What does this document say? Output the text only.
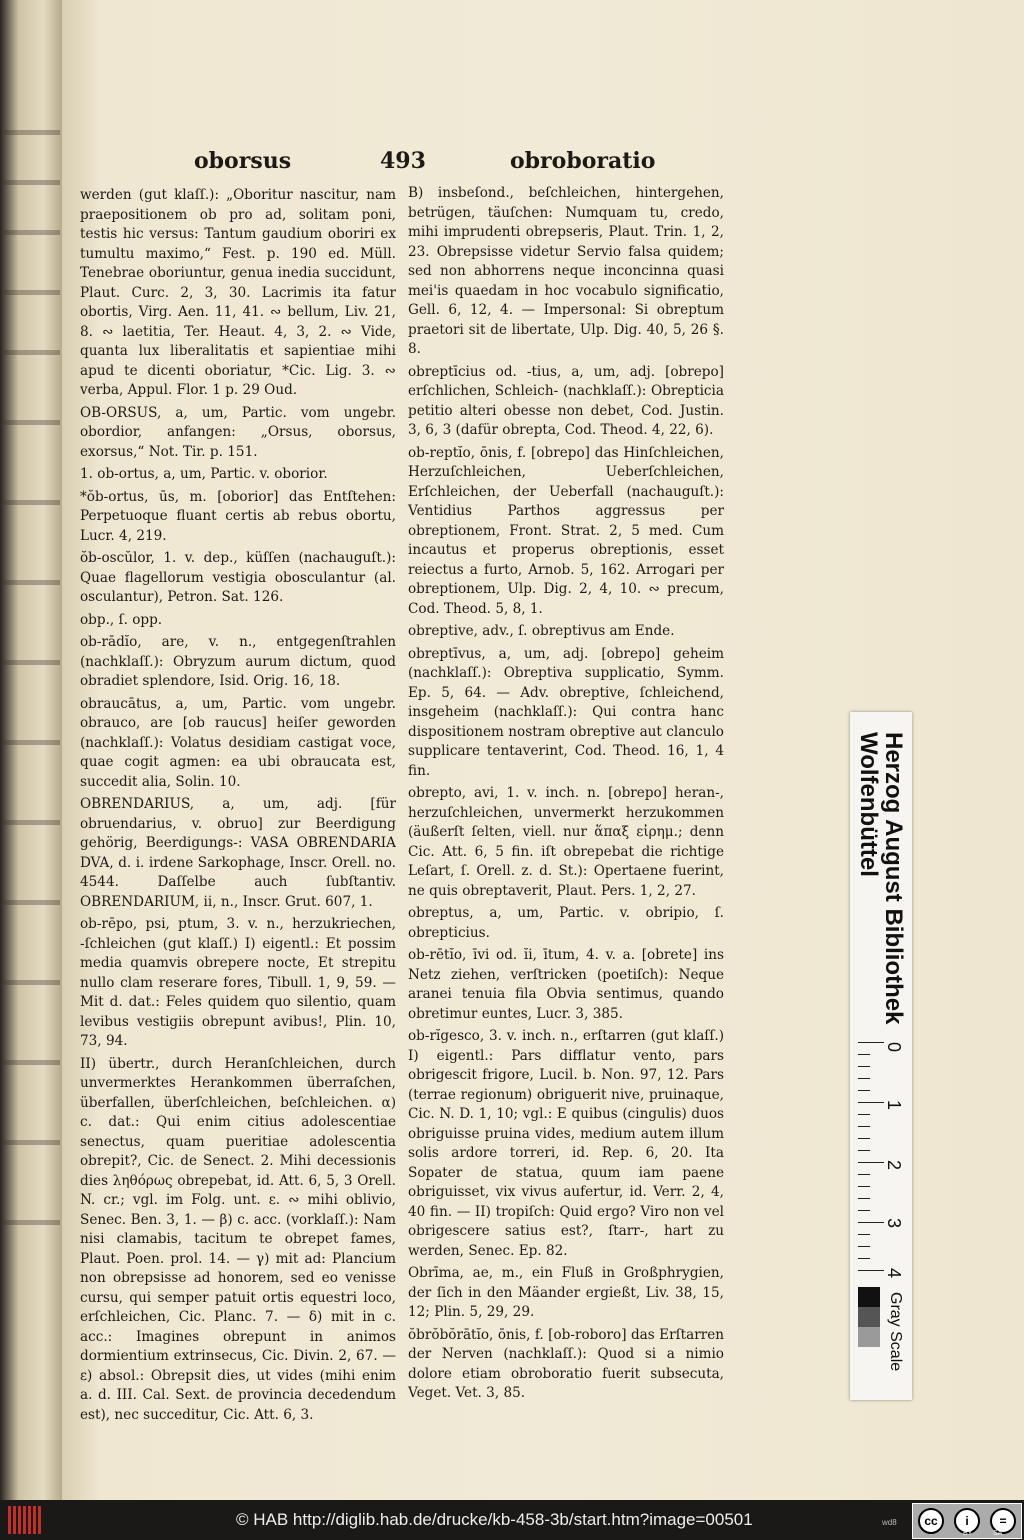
oborsus	493	obroboratio

werden (gut klaſſ.): „Oboritur nascitur, nam praepositionem ob pro ad, solitam poni, testis hic versus: Tantum gaudium oboriri ex tumultu maximo,“ Fest. p. 190 ed. Müll. Tenebrae oboriuntur, genua inedia succidunt, Plaut. Curc. 2, 3, 30. Lacrimis ita fatur obortis, Virg. Aen. 11, 41. ∾ bellum, Liv. 21, 8. ∾ laetitia, Ter. Heaut. 4, 3, 2. ∾ Vide, quanta lux liberalitatis et sapientiae mihi apud te dicenti oboriatur, *Cic. Lig. 3. ∾ verba, Appul. Flor. 1 p. 29 Oud.

OB-ORSUS, a, um, Partic. vom ungebr. obordior, anfangen: „Orsus, oborsus, exorsus,“ Not. Tir. p. 151.

1. ob-ortus, a, um, Partic. v. oborior.

*ŏb-ortus, ūs, m. [oborior] das Entſtehen: Perpetuoque fluant certis ab rebus obortu, Lucr. 4, 219.

ŏb-oscŭlor, 1. v. dep., küſſen (nachauguſt.): Quae flagellorum vestigia obosculantur (al. osculantur), Petron. Sat. 126.

obp., ſ. opp.

ob-rādĭo, are, v. n., entgegenſtrahlen (nachklaſſ.): Obryzum aurum dictum, quod obradiet splendore, Isid. Orig. 16, 18.

obraucātus, a, um, Partic. vom ungebr. obrauco, are [ob raucus] heiſer geworden (nachklaſſ.): Volatus desidiam castigat voce, quae cogit agmen: ea ubi obraucata est, succedit alia, Solin. 10.

OBRENDARIUS, a, um, adj. [für obruendarius, v. obruo] zur Beerdigung gehörig, Beerdigungs-: VASA OBRENDARIA DVA, d. i. irdene Sarkophage, Inscr. Orell. no. 4544. Daſſelbe auch ſubſtantiv. OBRENDARIUM, ii, n., Inscr. Grut. 607, 1.

ob-rēpo, psi, ptum, 3. v. n., herzukriechen, -ſchleichen (gut klaſſ.) I) eigentl.: Et possim media quamvis obrepere nocte, Et strepitu nullo clam reserare fores, Tibull. 1, 9, 59. — Mit d. dat.: Feles quidem quo silentio, quam levibus vestigiis obrepunt avibus!, Plin. 10, 73, 94.

II) übertr., durch Heranſchleichen, durch unvermerktes Herankommen überraſchen, überfallen, überſchleichen, beſchleichen. α) c. dat.: Qui enim citius adolescentiae senectus, quam pueritiae adolescentia obrepit?, Cic. de Senect. 2. Mihi decessionis dies ληθόρως obrepebat, id. Att. 6, 5, 3 Orell. N. cr.; vgl. im Folg. unt. ε. ∾ mihi oblivio, Senec. Ben. 3, 1. — β) c. acc. (vorklaſſ.): Nam nisi clamabis, tacitum te obrepet fames, Plaut. Poen. prol. 14. — γ) mit ad: Plancium non obrepsisse ad honorem, sed eo venisse cursu, qui semper patuit ortis equestri loco, erſchleichen, Cic. Planc. 7. — δ) mit in c. acc.: Imagines obrepunt in animos dormientium extrinsecus, Cic. Divin. 2, 67. — ε) absol.: Obrepsit dies, ut vides (mihi enim a. d. III. Cal. Sext. de provincia decedendum est), nec succeditur, Cic. Att. 6, 3.

B) insbeſond., beſchleichen, hintergehen, betrügen, täuſchen: Numquam tu, credo, mihi imprudenti obrepseris, Plaut. Trin. 1, 2, 23. Obrepsisse videtur Servio falsa quidem; sed non abhorrens neque inconcinna quasi mei'is quaedam in hoc vocabulo significatio, Gell. 6, 12, 4. — Impersonal: Si obreptum praetori sit de libertate, Ulp. Dig. 40, 5, 26 §. 8.

obreptīcius od. -tius, a, um, adj. [obrepo] erſchlichen, Schleich- (nachklaſſ.): Obrepticia petitio alteri obesse non debet, Cod. Justin. 3, 6, 3 (dafür obrepta, Cod. Theod. 4, 22, 6).

ob-reptĭo, ōnis, f. [obrepo] das Hinſchleichen, Herzuſchleichen, Ueberſchleichen, Erſchleichen, der Ueberfall (nachauguſt.): Ventidius Parthos aggressus per obreptionem, Front. Strat. 2, 5 med. Cum incautus et properus obreptionis, esset reiectus a furto, Arnob. 5, 162. Arrogari per obreptionem, Ulp. Dig. 2, 4, 10. ∾ precum, Cod. Theod. 5, 8, 1.

obreptive, adv., ſ. obreptivus am Ende.

obreptīvus, a, um, adj. [obrepo] geheim (nachklaſſ.): Obreptiva supplicatio, Symm. Ep. 5, 64. — Adv. obreptive, ſchleichend, insgeheim (nachklaſſ.): Qui contra hanc dispositionem nostram obreptive aut clanculo supplicare tentaverint, Cod. Theod. 16, 1, 4 fin.

obrepto, avi, 1. v. inch. n. [obrepo] heran-, herzuſchleichen, unvermerkt herzukommen (äußerſt ſelten, viell. nur ἅπαξ εἰρημ.; denn Cic. Att. 6, 5 fin. iſt obrepebat die richtige Leſart, ſ. Orell. z. d. St.): Opertaene fuerint, ne quis obreptaverit, Plaut. Pers. 1, 2, 27.

obreptus, a, um, Partic. v. obripio, ſ. obrepticius.

ob-rētĭo, īvi od. ĭi, ītum, 4. v. a. [obrete] ins Netz ziehen, verſtricken (poetiſch): Neque aranei tenuia fila Obvia sentimus, quando obretimur euntes, Lucr. 3, 385.

ob-rĭgesco, 3. v. inch. n., erſtarren (gut klaſſ.) I) eigentl.: Pars difflatur vento, pars obrigescit frigore, Lucil. b. Non. 97, 12. Pars (terrae regionum) obriguerit nive, pruinaque, Cic. N. D. 1, 10; vgl.: E quibus (cingulis) duos obriguisse pruina vides, medium autem illum solis ardore torreri, id. Rep. 6, 20. Ita Sopater de statua, quum iam paene obriguisset, vix vivus aufertur, id. Verr. 2, 4, 40 fin. — II) tropiſch: Quid ergo? Viro non vel obrigescere satius est?, ſtarr-, hart zu werden, Senec. Ep. 82.

Obrīma, ae, m., ein Fluß in Großphrygien, der ſich in den Mäander ergießt, Liv. 38, 15, 12; Plin. 5, 29, 29.

ŏbrŏbŏrātĭo, ōnis, f. [ob-roboro] das Erſtarren der Nerven (nachklaſſ.): Quod si a nimio dolore etiam obroboratio fuerit subsecuta, Veget. Vet. 3, 85.

Herzog August Bibliothek Wolfenbüttel
0
1
2
3
4
Gray Scale
© HAB http://diglib.hab.de/drucke/kb-458-3b/start.htm?image=00501	wd8	cc	i	=
BY	SA
